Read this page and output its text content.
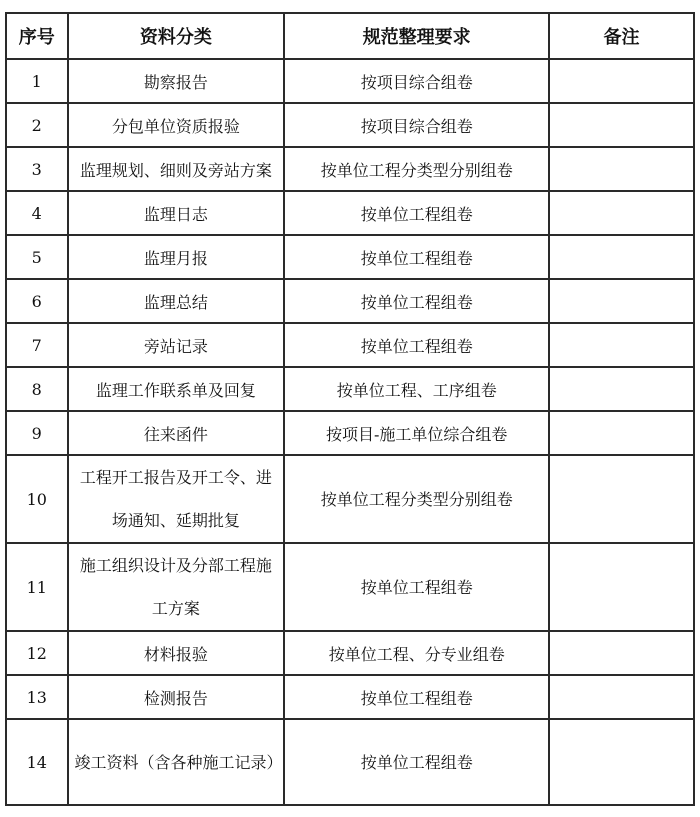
序号	资料分类	规范整理要求	备注
1	勘察报告	按项目综合组卷	
2	分包单位资质报验	按项目综合组卷	
3	监理规划、细则及旁站方案	按单位工程分类型分别组卷	
4	监理日志	按单位工程组卷	
5	监理月报	按单位工程组卷	
6	监理总结	按单位工程组卷	
7	旁站记录	按单位工程组卷	
8	监理工作联系单及回复	按单位工程、工序组卷	
9	往来函件	按项目-施工单位综合组卷	
10	工程开工报告及开工令、进场通知、延期批复	按单位工程分类型分别组卷	
11	施工组织设计及分部工程施工方案	按单位工程组卷	
12	材料报验	按单位工程、分专业组卷	
13	检测报告	按单位工程组卷	
14	竣工资料（含各种施工记录）	按单位工程组卷	
